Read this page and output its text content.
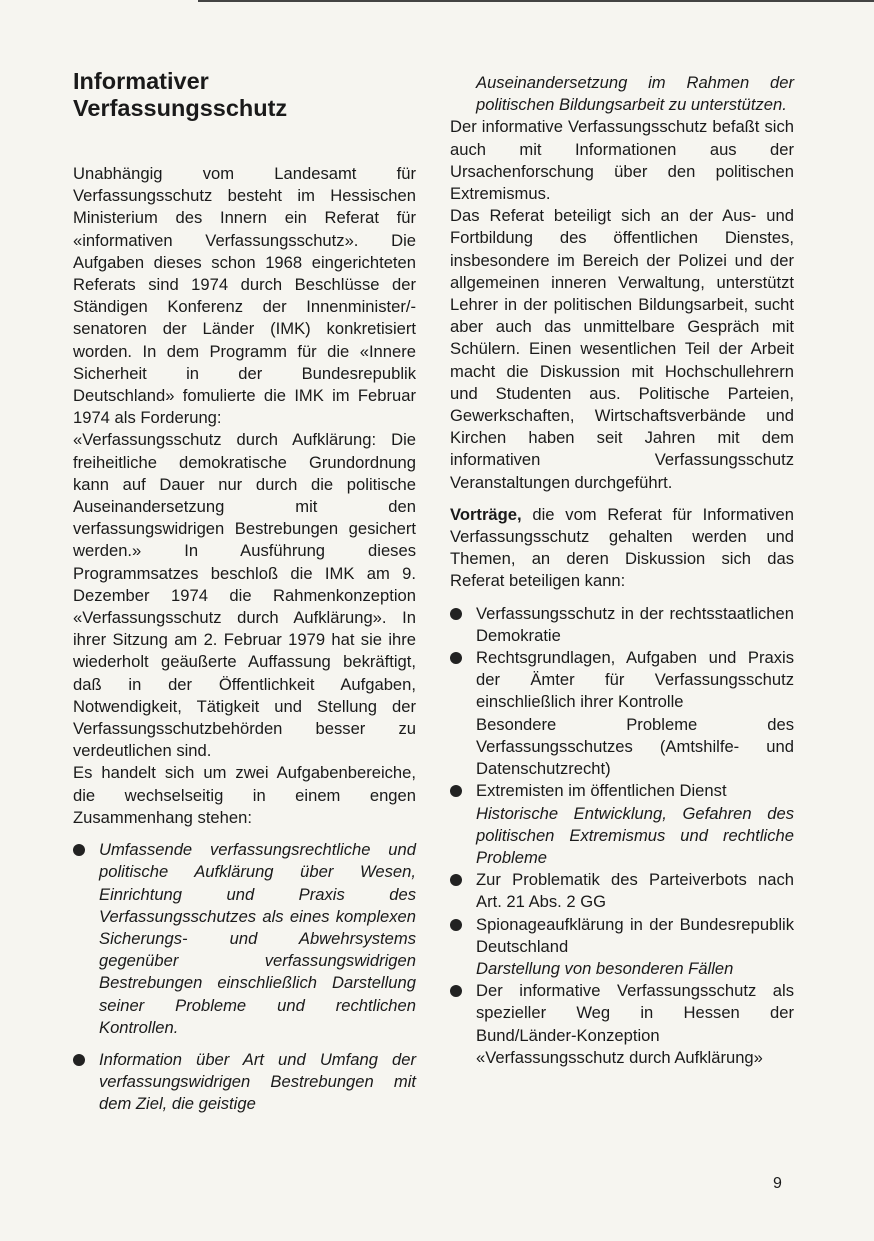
Informativer
Verfassungsschutz

Unabhängig vom Landesamt für Verfassungsschutz besteht im Hessischen Ministerium des Innern ein Referat für «informativen Verfassungsschutz». Die Aufgaben dieses schon 1968 eingerichteten Referats sind 1974 durch Beschlüsse der Ständigen Konferenz der Innenminister/-senatoren der Länder (IMK) konkretisiert worden. In dem Programm für die «Innere Sicherheit in der Bundesrepublik Deutschland» fomulierte die IMK im Februar 1974 als Forderung:

«Verfassungsschutz durch Aufklärung: Die freiheitliche demokratische Grundordnung kann auf Dauer nur durch die politische Auseinandersetzung mit den verfassungswidrigen Bestrebungen gesichert werden.» In Ausführung dieses Programmsatzes beschloß die IMK am 9. Dezember 1974 die Rahmenkonzeption «Verfassungsschutz durch Aufklärung». In ihrer Sitzung am 2. Februar 1979 hat sie ihre wiederholt geäußerte Auffassung bekräftigt, daß in der Öffentlichkeit Aufgaben, Notwendigkeit, Tätigkeit und Stellung der Verfassungsschutzbehörden besser zu verdeutlichen sind.

Es handelt sich um zwei Aufgabenbereiche, die wechselseitig in einem engen Zusammenhang stehen:

Umfassende verfassungsrechtliche und politische Aufklärung über Wesen, Einrichtung und Praxis des Verfassungsschutzes als eines komplexen Sicherungs- und Abwehrsystems gegenüber verfassungswidrigen Bestrebungen einschließlich Darstellung seiner Probleme und rechtlichen Kontrollen.
Information über Art und Umfang der verfassungswidrigen Bestrebungen mit dem Ziel, die geistige

Auseinandersetzung im Rahmen der politischen Bildungsarbeit zu unterstützen.

Der informative Verfassungsschutz befaßt sich auch mit Informationen aus der Ursachenforschung über den politischen Extremismus.

Das Referat beteiligt sich an der Aus- und Fortbildung des öffentlichen Dienstes, insbesondere im Bereich der Polizei und der allgemeinen inneren Verwaltung, unterstützt Lehrer in der politischen Bildungsarbeit, sucht aber auch das unmittelbare Gespräch mit Schülern. Einen wesentlichen Teil der Arbeit macht die Diskussion mit Hochschullehrern und Studenten aus. Politische Parteien, Gewerkschaften, Wirtschaftsverbände und Kirchen haben seit Jahren mit dem informativen Verfassungsschutz Veranstaltungen durchgeführt.

Vorträge, die vom Referat für Informativen Verfassungsschutz gehalten werden und Themen, an deren Diskussion sich das Referat beteiligen kann:

Verfassungsschutz in der rechtsstaatlichen Demokratie
Rechtsgrundlagen, Aufgaben und Praxis der Ämter für Verfassungsschutz einschließlich ihrer Kontrolle
Besondere Probleme des Verfassungsschutzes (Amtshilfe- und Datenschutzrecht)
Extremisten im öffentlichen Dienst
Historische Entwicklung, Gefahren des politischen Extremismus und rechtliche Probleme
Zur Problematik des Parteiverbots nach Art. 21 Abs. 2 GG
Spionageaufklärung in der Bundesrepublik Deutschland
Darstellung von besonderen Fällen
Der informative Verfassungsschutz als spezieller Weg in Hessen der Bund/Länder-Konzeption «Verfassungsschutz durch Aufklärung»
9
